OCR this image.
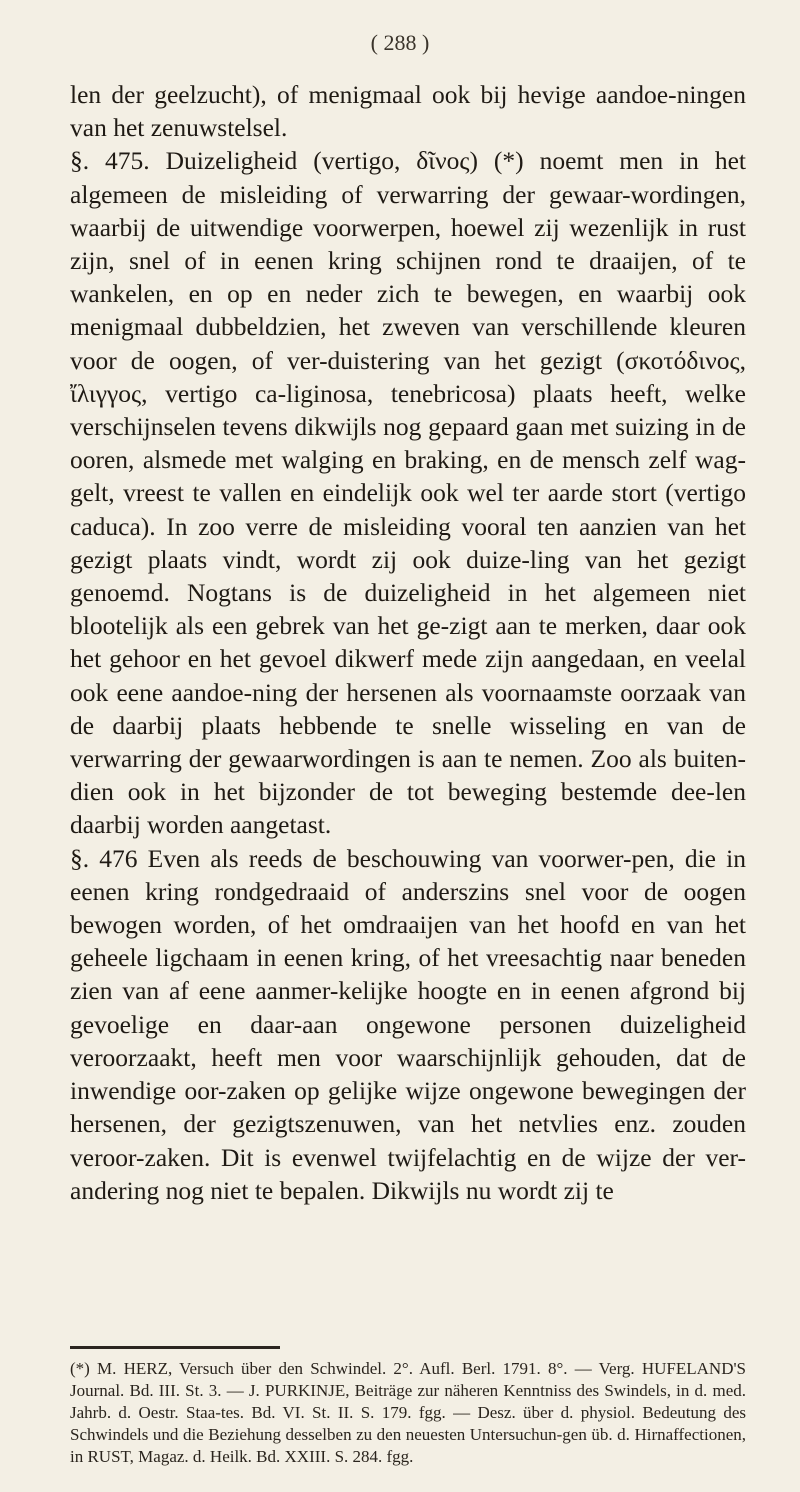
( 288 )

len der geelzucht), of menigmaal ook bij hevige aandoe-ningen van het zenuwstelsel.

§. 475. Duizeligheid (vertigo, δῖνος) (*) noemt men in het algemeen de misleiding of verwarring der gewaar-wordingen, waarbij de uitwendige voorwerpen, hoewel zij wezenlijk in rust zijn, snel of in eenen kring schijnen rond te draaijen, of te wankelen, en op en neder zich te bewegen, en waarbij ook menigmaal dubbeldzien, het zweven van verschillende kleuren voor de oogen, of ver-duistering van het gezigt (σκοτόδινος, ἴλιγγος, vertigo ca-liginosa, tenebricosa) plaats heeft, welke verschijnselen tevens dikwijls nog gepaard gaan met suizing in de ooren, alsmede met walging en braking, en de mensch zelf wag-gelt, vreest te vallen en eindelijk ook wel ter aarde stort (vertigo caduca). In zoo verre de misleiding vooral ten aanzien van het gezigt plaats vindt, wordt zij ook duize-ling van het gezigt genoemd. Nogtans is de duizeligheid in het algemeen niet blootelijk als een gebrek van het ge-zigt aan te merken, daar ook het gehoor en het gevoel dikwerf mede zijn aangedaan, en veelal ook eene aandoe-ning der hersenen als voornaamste oorzaak van de daarbij plaats hebbende te snelle wisseling en van de verwarring der gewaarwordingen is aan te nemen. Zoo als buiten-dien ook in het bijzonder de tot beweging bestemde dee-len daarbij worden aangetast.

§. 476 Even als reeds de beschouwing van voorwer-pen, die in eenen kring rondgedraaid of anderszins snel voor de oogen bewogen worden, of het omdraaijen van het hoofd en van het geheele ligchaam in eenen kring, of het vreesachtig naar beneden zien van af eene aanmer-kelijke hoogte en in eenen afgrond bij gevoelige en daar-aan ongewone personen duizeligheid veroorzaakt, heeft men voor waarschijnlijk gehouden, dat de inwendige oor-zaken op gelijke wijze ongewone bewegingen der hersenen, der gezigtszenuwen, van het netvlies enz. zouden veroor-zaken. Dit is evenwel twijfelachtig en de wijze der ver-andering nog niet te bepalen. Dikwijls nu wordt zij te

(*) M. HERZ, Versuch über den Schwindel. 2°. Aufl. Berl. 1791. 8°. — Verg. HUFELAND'S Journal. Bd. III. St. 3. — J. PURKINJE, Beiträge zur näheren Kenntniss des Swindels, in d. med. Jahrb. d. Oestr. Staa-tes. Bd. VI. St. II. S. 179. fgg. — Desz. über d. physiol. Bedeutung des Schwindels und die Beziehung desselben zu den neuesten Untersuchun-gen üb. d. Hirnaffectionen, in RUST, Magaz. d. Heilk. Bd. XXIII. S. 284. fgg.
